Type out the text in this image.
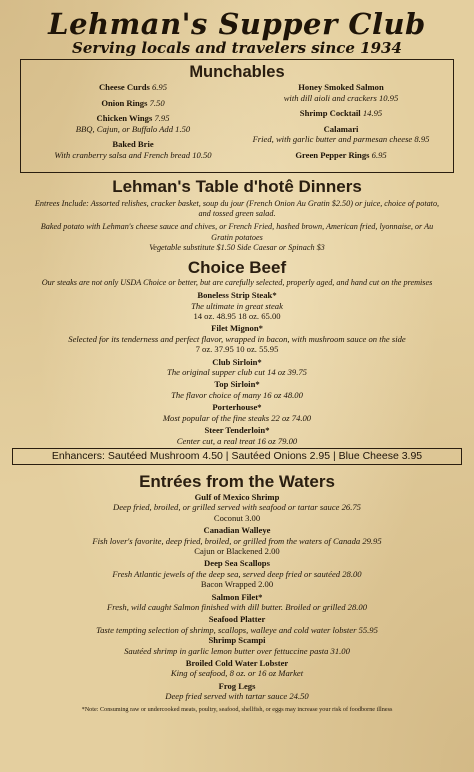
Lehman's Supper Club

Serving locals and travelers since 1934

Munchables

Cheese Curds 6.95

Onion Rings 7.50

Chicken Wings 7.95

BBQ, Cajun, or Buffalo Add 1.50

Baked Brie

With cranberry salsa and French bread 10.50

Honey Smoked Salmon

with dill aioli and crackers 10.95

Shrimp Cocktail 14.95

Calamari

Fried, with garlic butter and parmesan cheese 8.95

Green Pepper Rings 6.95

Lehman's Table d'hotê Dinners

Entrees Include: Assorted relishes, cracker basket, soup du jour (French Onion Au Gratin $2.50) or juice, choice of potato, and tossed green salad.

Baked potato with Lehman's cheese sauce and chives, or French Fried, hashed brown, American fried, lyonnaise, or Au Gratin potatoes

Vegetable substitute $1.50 Side Caesar or Spinach $3

Choice Beef

Our steaks are not only USDA Choice or better, but are carefully selected, properly aged, and hand cut on the premises

Boneless Strip Steak*
The ultimate in great steak
14 oz. 48.95 18 oz. 65.00
Filet Mignon*
Selected for its tenderness and perfect flavor, wrapped in bacon, with mushroom sauce on the side
7 oz. 37.95 10 oz. 55.95
Club Sirloin*
The original supper club cut 14 oz 39.75
Top Sirloin*
The flavor choice of many 16 oz 48.00
Porterhouse*
Most popular of the fine steaks 22 oz 74.00
Steer Tenderloin*
Center cut, a real treat 16 oz 79.00
Enhancers: Sautéed Mushroom 4.50 | Sautéed Onions 2.95 | Blue Cheese 3.95
Entrées from the Waters
Gulf of Mexico Shrimp
Deep fried, broiled, or grilled served with seafood or tartar sauce 26.75
Coconut 3.00
Canadian Walleye
Fish lover's favorite, deep fried, broiled, or grilled from the waters of Canada 29.95
Cajun or Blackened 2.00
Deep Sea Scallops
Fresh Atlantic jewels of the deep sea, served deep fried or sautéed 28.00
Bacon Wrapped 2.00
Salmon Filet*
Fresh, wild caught Salmon finished with dill butter. Broiled or grilled 28.00
Seafood Platter
Taste tempting selection of shrimp, scallops, walleye and cold water lobster 55.95
Shrimp Scampi
Sautéed shrimp in garlic lemon butter over fettuccine pasta 31.00
Broiled Cold Water Lobster
King of seafood, 8 oz. or 16 oz Market
Frog Legs
Deep fried served with tartar sauce 24.50

*Note: Consuming raw or undercooked meats, poultry, seafood, shellfish, or eggs may increase your risk of foodborne illness
